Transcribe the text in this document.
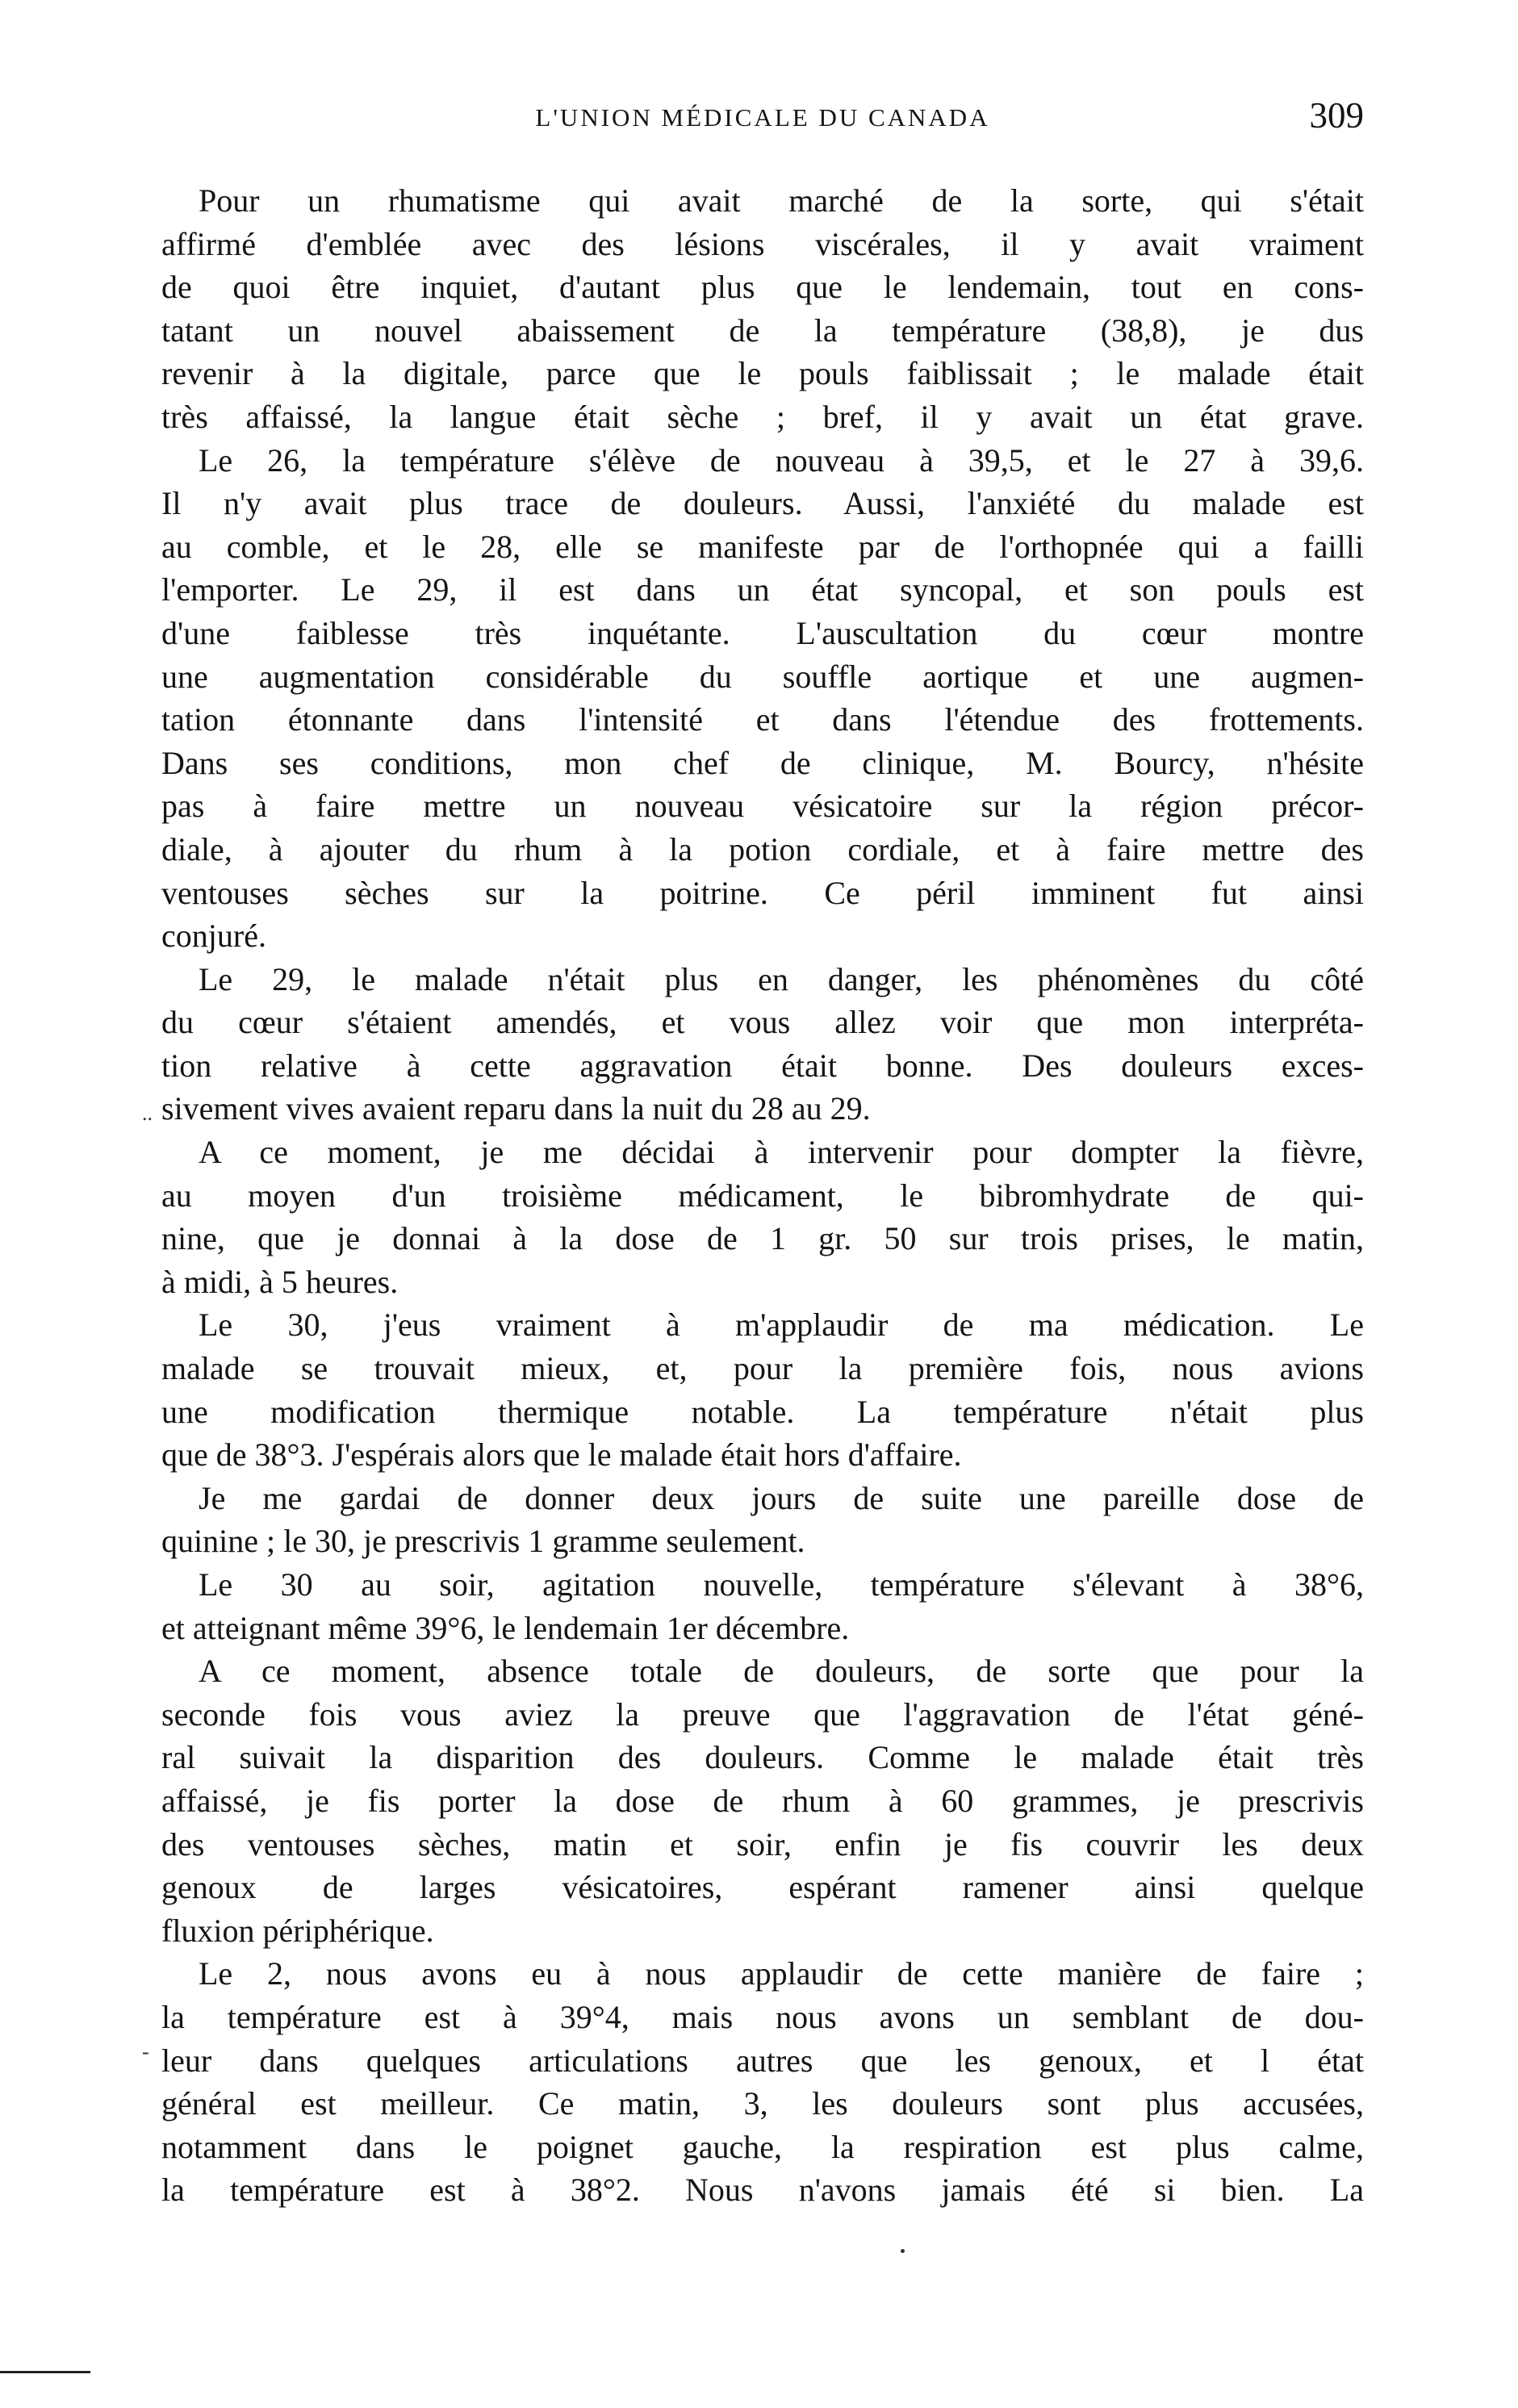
L'UNION MÉDICALE DU CANADA	309
Pour un rhumatisme qui avait marché de la sorte, qui s'était
affirmé d'emblée avec des lésions viscérales, il y avait vraiment
de quoi être inquiet, d'autant plus que le lendemain, tout en cons-
tatant un nouvel abaissement de la température (38,8), je dus
revenir à la digitale, parce que le pouls faiblissait ; le malade était
très affaissé, la langue était sèche ; bref, il y avait un état grave.
Le 26, la température s'élève de nouveau à 39,5, et le 27 à 39,6.
Il n'y avait plus trace de douleurs. Aussi, l'anxiété du malade est
au comble, et le 28, elle se manifeste par de l'orthopnée qui a failli
l'emporter. Le 29, il est dans un état syncopal, et son pouls est
d'une faiblesse très inquétante. L'auscultation du cœur montre
une augmentation considérable du souffle aortique et une augmen-
tation étonnante dans l'intensité et dans l'étendue des frottements.
Dans ses conditions, mon chef de clinique, M. Bourcy, n'hésite
pas à faire mettre un nouveau vésicatoire sur la région précor-
diale, à ajouter du rhum à la potion cordiale, et à faire mettre des
ventouses sèches sur la poitrine. Ce péril imminent fut ainsi
conjuré.
Le 29, le malade n'était plus en danger, les phénomènes du côté
du cœur s'étaient amendés, et vous allez voir que mon interpréta-
tion relative à cette aggravation était bonne. Des douleurs exces-
sivement vives avaient reparu dans la nuit du 28 au 29.
A ce moment, je me décidai à intervenir pour dompter la fièvre,
au moyen d'un troisième médicament, le bibromhydrate de qui-
nine, que je donnai à la dose de 1 gr. 50 sur trois prises, le matin,
à midi, à 5 heures.
Le 30, j'eus vraiment à m'applaudir de ma médication. Le
malade se trouvait mieux, et, pour la première fois, nous avions
une modification thermique notable. La température n'était plus
que de 38°3. J'espérais alors que le malade était hors d'affaire.
Je me gardai de donner deux jours de suite une pareille dose de
quinine ; le 30, je prescrivis 1 gramme seulement.
Le 30 au soir, agitation nouvelle, température s'élevant à 38°6,
et atteignant même 39°6, le lendemain 1er décembre.
A ce moment, absence totale de douleurs, de sorte que pour la
seconde fois vous aviez la preuve que l'aggravation de l'état géné-
ral suivait la disparition des douleurs. Comme le malade était très
affaissé, je fis porter la dose de rhum à 60 grammes, je prescrivis
des ventouses sèches, matin et soir, enfin je fis couvrir les deux
genoux de larges vésicatoires, espérant ramener ainsi quelque
fluxion périphérique.
Le 2, nous avons eu à nous applaudir de cette manière de faire ;
la température est à 39°4, mais nous avons un semblant de dou-
leur dans quelques articulations autres que les genoux, et l état
général est meilleur. Ce matin, 3, les douleurs sont plus accusées,
notamment dans le poignet gauche, la respiration est plus calme,
la température est à 38°2. Nous n'avons jamais été si bien. La
..
-
